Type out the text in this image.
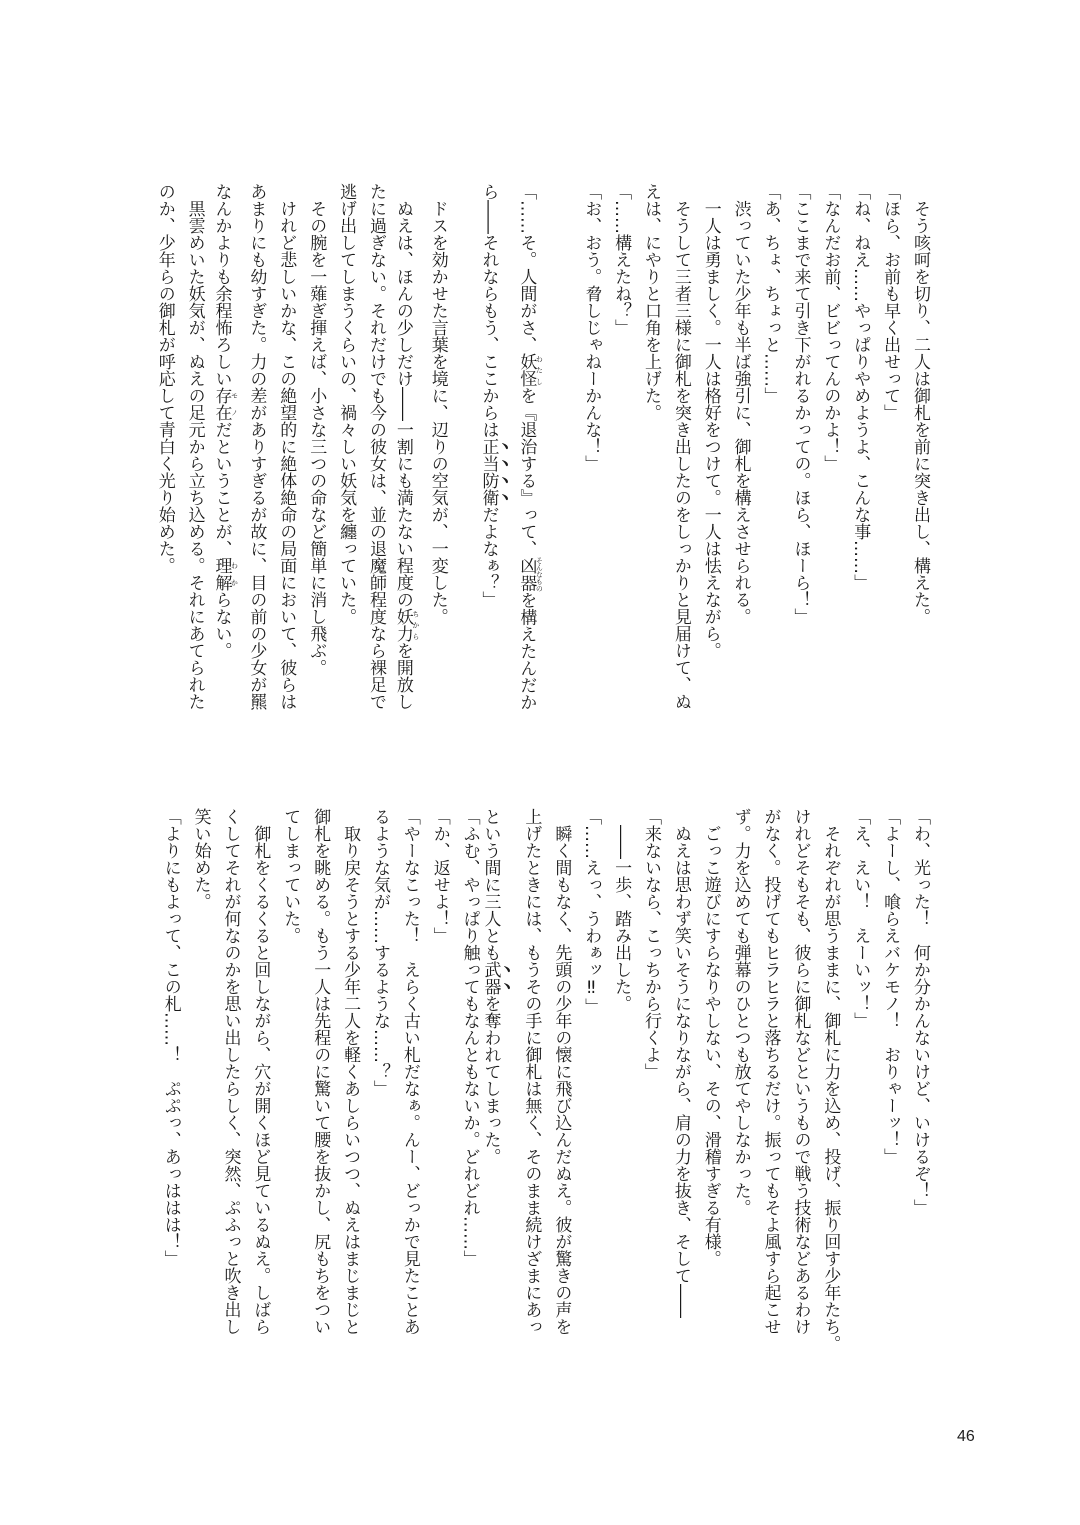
　そう咳呵を切り、二人は御札を前に突き出し、構えた。
「ほら、お前も早く出せって」
「ね、ねえ……やっぱりやめようよ、こんな事……」
「なんだお前、ビビってんのかよ！」
「ここまで来て引き下がれるかっての。ほら、ほーら！」
「あ、ちょ、ちょっと……」
　渋っていた少年も半ば強引に、御札を構えさせられる。
　一人は勇ましく。一人は格好をつけて。一人は怯えながら。
　そうして三者三様に御札を突き出したのをしっかりと見届けて、ぬ
えは、にやりと口角を上げた。
「……構えたね？」
「お、おう。脅しじゃねーかんな！」

「……そ。人間がさ、妖怪 わたしを『退治する』って、凶器 そんなものを構えたんだか
ら――それならもう、ここからは正当防衛だよなぁ？」

　ドスを効かせた言葉を境に、辺りの空気が、一変した。
　ぬえは、ほんの少しだけ――一割にも満たない程度の妖力 ちからを開放し
たに過ぎない。それだけでも今の彼女は、並の退魔師程度なら裸足で
逃げ出してしまうくらいの、禍々しい妖気を纏っていた。
　その腕を一薙ぎ揮えば、小さな三つの命など簡単に消し飛ぶ。
　けれど悲しいかな、この絶望的に絶体絶命の局面において、彼らは
あまりにも幼すぎた。力の差がありすぎるが故に、目の前の少女が羆
なんかよりも余程怖ろしい存在 モノだということが、理解 わからない。
　黒雲めいた妖気が、ぬえの足元から立ち込める。それにあてられた
のか、少年らの御札が呼応して青白く光り始めた。
「わ、光った！　何か分かんないけど、いけるぞ！」
「よーし、喰らえバケモノ！　おりゃーッ！」
「え、えい！　えーいッ！」
　それぞれが思うままに、御札に力を込め、投げ、振り回す少年たち。
けれどそもそも、彼らに御札などというもので戦う技術などあるわけ
がなく。投げてもヒラヒラと落ちるだけ。振ってもそよ風すら起こせ
ず。力を込めても弾幕のひとつも放てやしなかった。
　ごっこ遊びにすらなりやしない、その、滑稽すぎる有様。
　ぬえは思わず笑いそうになりながら、肩の力を抜き、そして――
「来ないなら、こっちから行くよ」
　――一歩、踏み出した。
「……えっ、うわぁッ‼」
　瞬く間もなく、先頭の少年の懐に飛び込んだぬえ。彼が驚きの声を
上げたときには、もうその手に御札は無く、そのまま続けざまにあっ
という間に三人とも武器を奪われてしまった。
「ふむ、やっぱり触ってもなんともないか。どれどれ……」
「か、返せよ！」
「やーなこった！　えらく古い札だなぁ。んー、どっかで見たことあ
るような気が……するような……？」
　取り戻そうとする少年二人を軽くあしらいつつ、ぬえはまじまじと
御札を眺める。もう一人は先程のに驚いて腰を抜かし、尻もちをつい
てしまっていた。
　御札をくるくると回しながら、穴が開くほど見ているぬえ。しばら
くしてそれが何なのかを思い出したらしく、突然、ぷふっと吹き出し
笑い始めた。
「よりにもよって、この札……！　ぷぷっ、あっははは！」
46
